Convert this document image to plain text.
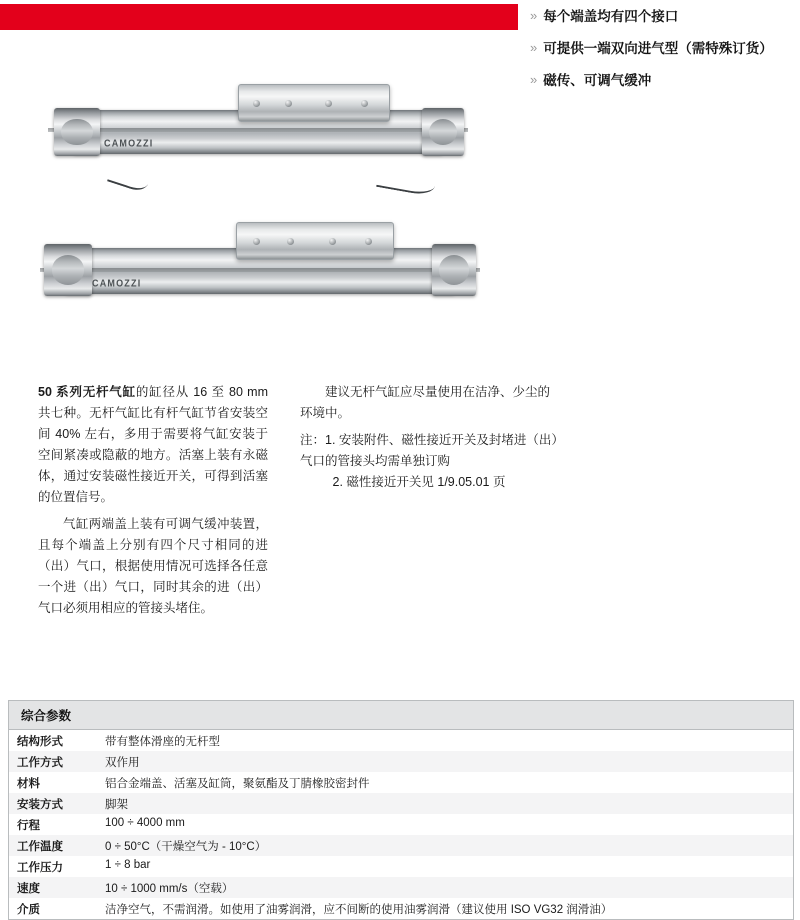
» 每个端盖均有四个接口
» 可提供一端双向进气型（需特殊订货）
» 磁传、可调气缓冲
CAMOZZI
CAMOZZI

50 系列无杆气缸的缸径从 16 至 80 mm 共七种。无杆气缸比有杆气缸节省安装空间 40% 左右，多用于需要将气缸安装于空间紧凑或隐蔽的地方。活塞上装有永磁体，通过安装磁性接近开关，可得到活塞的位置信号。

气缸两端盖上装有可调气缓冲装置，且每个端盖上分别有四个尺寸相同的进（出）气口，根据使用情况可选择各任意一个进（出）气口，同时其余的进（出）气口必须用相应的管接头堵住。

建议无杆气缸应尽量使用在洁净、少尘的环境中。

注：1. 安装附件、磁性接近开关及封堵进（出）气口的管接头均需单独订购
2. 磁性接近开关见 1/9.05.01 页
综合参数
结构形式	带有整体滑座的无杆型
工作方式	双作用
材料	铝合金端盖、活塞及缸筒，聚氨酯及丁腈橡胶密封件
安装方式	脚架
行程	100 ÷ 4000 mm
工作温度	0 ÷ 50°C（干燥空气为 - 10°C）
工作压力	1 ÷ 8 bar
速度	10 ÷ 1000 mm/s（空载）
介质	洁净空气，不需润滑。如使用了油雾润滑，应不间断的使用油雾润滑（建议使用 ISO VG32 润滑油）
